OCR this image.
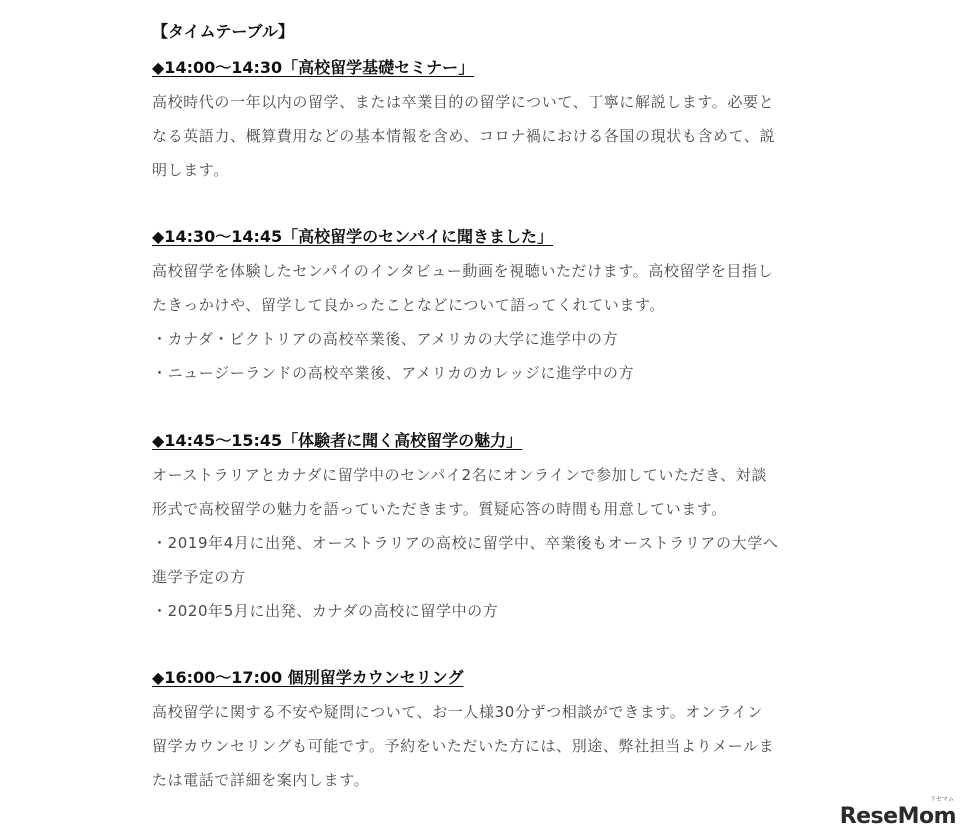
【タイムテーブル】
◆14:00～14:30「高校留学基礎セミナー」

高校時代の一年以内の留学、または卒業目的の留学について、丁寧に解説します。必要と

なる英語力、概算費用などの基本情報を含め、コロナ禍における各国の現状も含めて、説

明します。

◆14:30～14:45「高校留学のセンパイに聞きました」

高校留学を体験したセンパイのインタビュー動画を視聴いただけます。高校留学を目指し

たきっかけや、留学して良かったことなどについて語ってくれています。

・カナダ・ビクトリアの高校卒業後、アメリカの大学に進学中の方

・ニュージーランドの高校卒業後、アメリカのカレッジに進学中の方

◆14:45～15:45「体験者に聞く高校留学の魅力」

オーストラリアとカナダに留学中のセンパイ2名にオンラインで参加していただき、対談

形式で高校留学の魅力を語っていただきます。質疑応答の時間も用意しています。

・2019年4月に出発、オーストラリアの高校に留学中、卒業後もオーストラリアの大学へ

進学予定の方

・2020年5月に出発、カナダの高校に留学中の方

◆16:00～17:00 個別留学カウンセリング

高校留学に関する不安や疑問について、お一人様30分ずつ相談ができます。オンライン

留学カウンセリングも可能です。予約をいただいた方には、別途、弊社担当よりメールま

たは電話で詳細を案内します。

ReseMom
リセマム
